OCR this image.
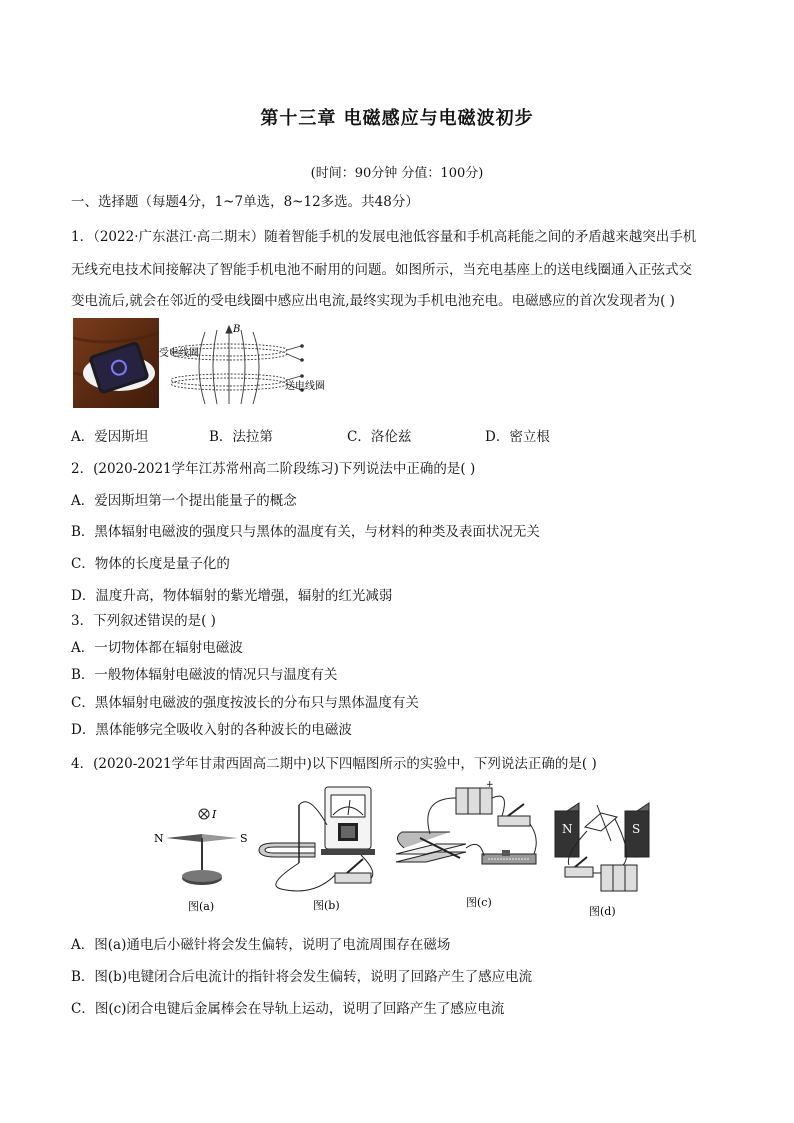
第十三章 电磁感应与电磁波初步
(时间：90分钟 分值：100分)
一、选择题（每题4分，1~7单选，8~12多选。共48分）
1．（2022·广东湛江·高二期末）随着智能手机的发展电池低容量和手机高耗能之间的矛盾越来越突出手机
无线充电技术间接解决了智能手机电池不耐用的问题。如图所示，当充电基座上的送电线圈通入正弦式交
变电流后,就会在邻近的受电线圈中感应出电流,最终实现为手机电池充电。电磁感应的首次发现者为( )
B
受电线圈
送电线圈
A．爱因斯坦	B．法拉第	C．洛伦兹	D．密立根
2．(2020-2021学年江苏常州高二阶段练习)下列说法中正确的是( )
A．爱因斯坦第一个提出能量子的概念
B．黑体辐射电磁波的强度只与黑体的温度有关，与材料的种类及表面状况无关
C．物体的长度是量子化的
D．温度升高，物体辐射的紫光增强，辐射的红光减弱
3．下列叙述错误的是( )
A．一切物体都在辐射电磁波
B．一般物体辐射电磁波的情况只与温度有关
C．黑体辐射电磁波的强度按波长的分布只与黑体温度有关
D．黑体能够完全吸收入射的各种波长的电磁波
4．(2020-2021学年甘肃西固高二期中)以下四幅图所示的实验中，下列说法正确的是( )
I
N	S
图(a)	图(b)
+
图(c)
N	S
图(d)
A．图(a)通电后小磁针将会发生偏转，说明了电流周围存在磁场
B．图(b)电键闭合后电流计的指针将会发生偏转，说明了回路产生了感应电流
C．图(c)闭合电键后金属棒会在导轨上运动，说明了回路产生了感应电流
